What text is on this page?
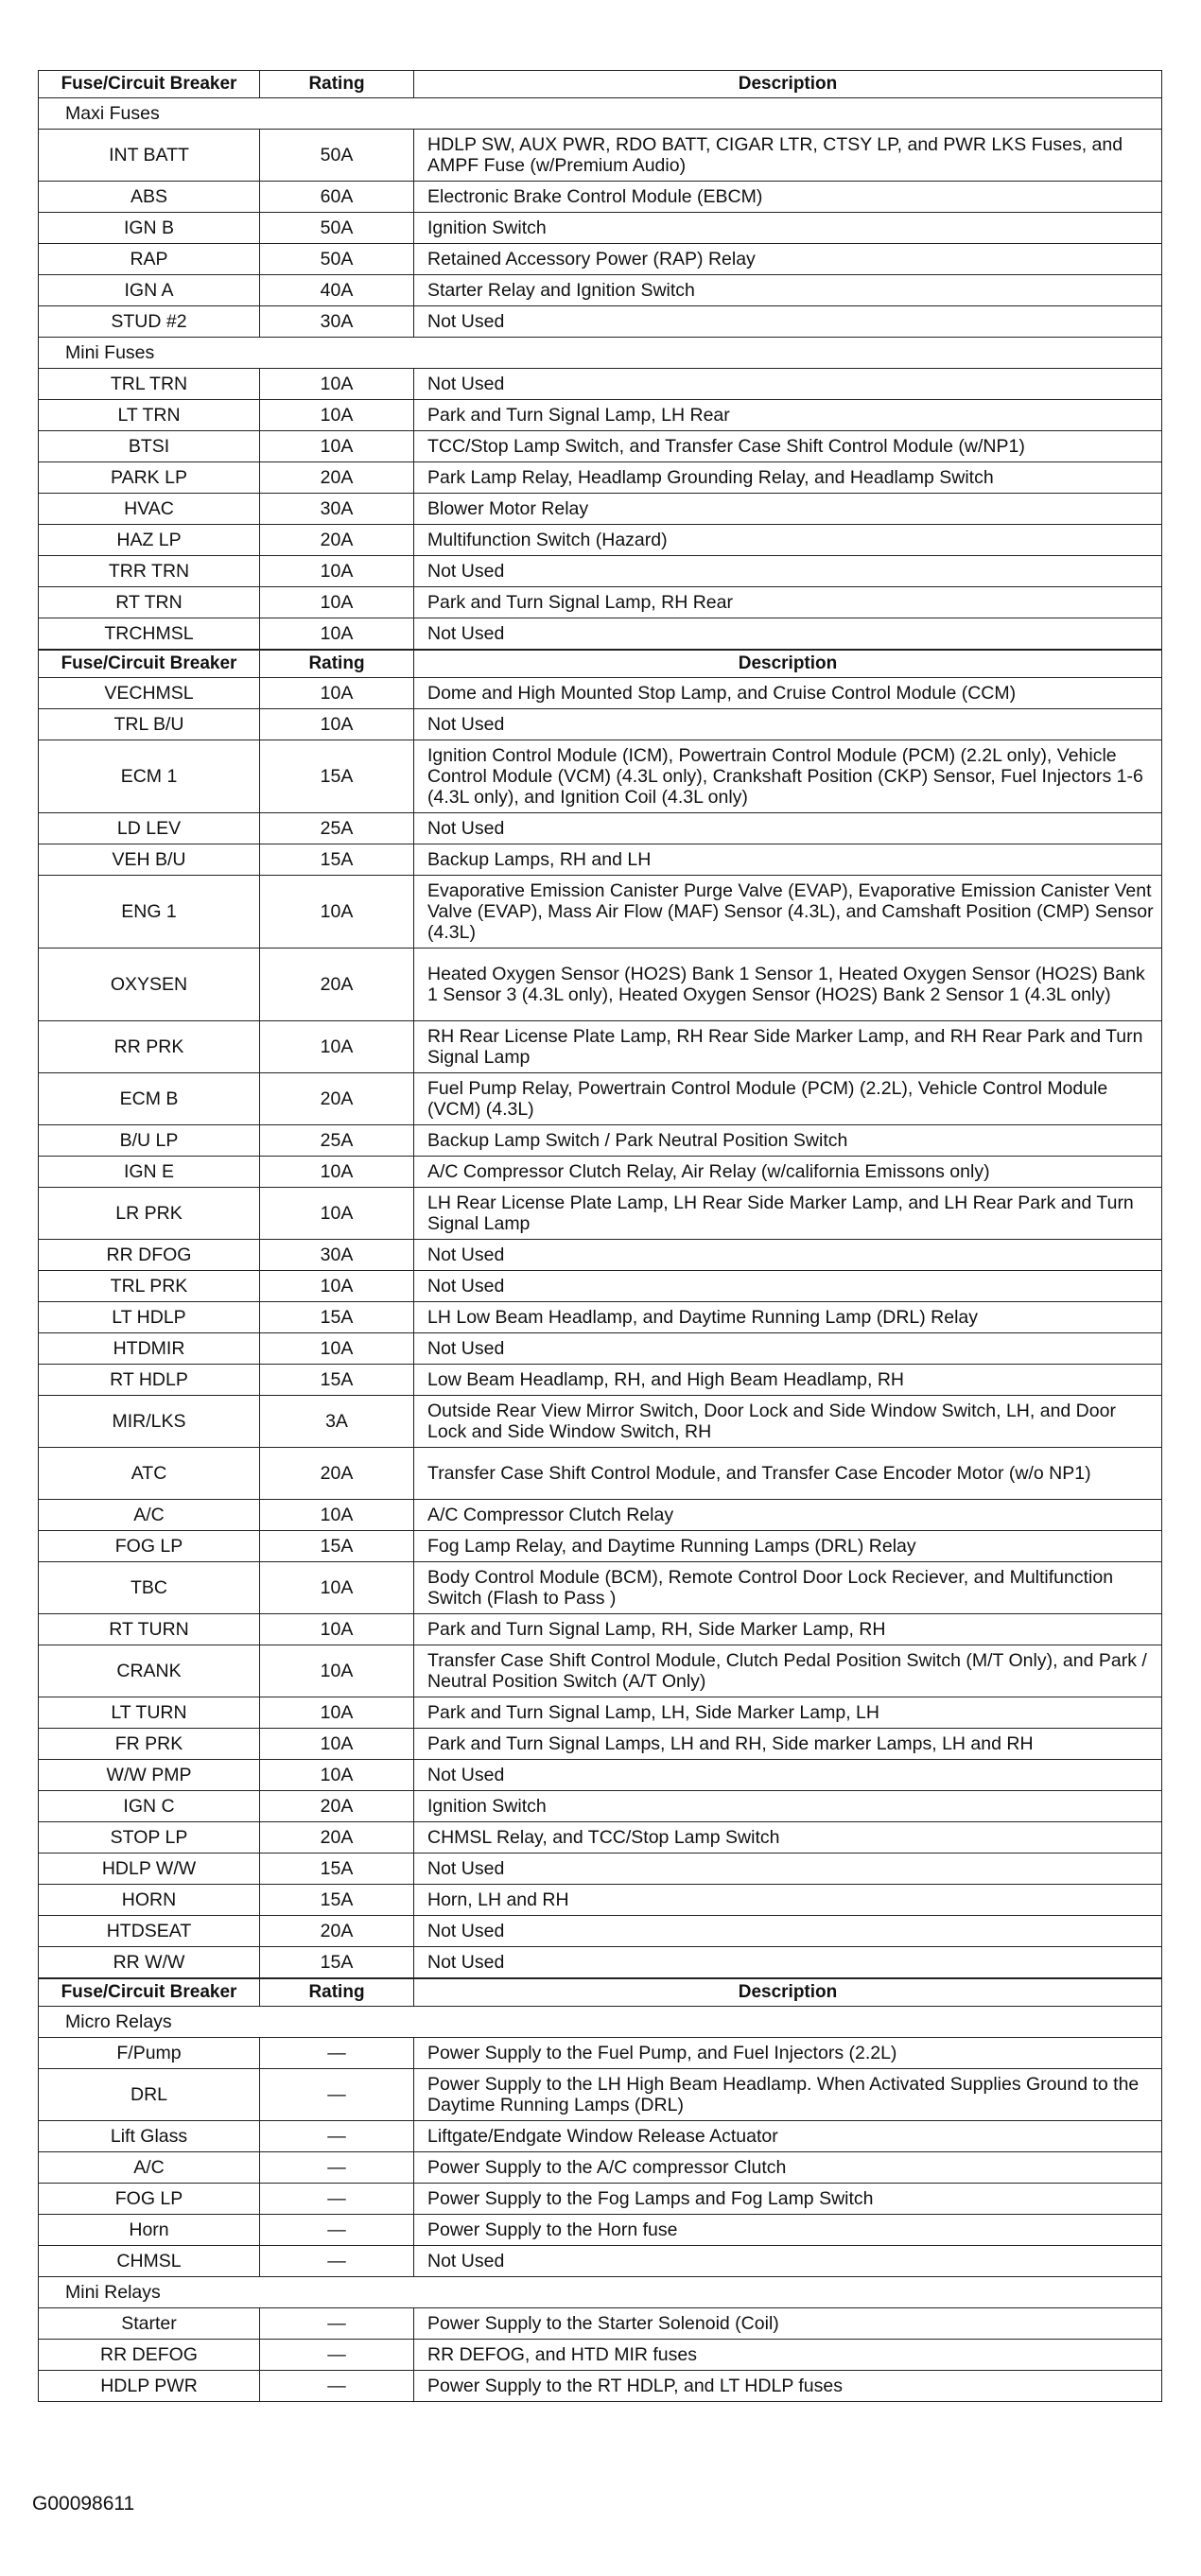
Fuse/Circuit Breaker	Rating	Description
Maxi Fuses		
INT BATT	50A	HDLP SW, AUX PWR, RDO BATT, CIGAR LTR, CTSY LP, and PWR LKS Fuses, and AMPF Fuse (w/Premium Audio)
ABS	60A	Electronic Brake Control Module (EBCM)
IGN B	50A	Ignition Switch
RAP	50A	Retained Accessory Power (RAP) Relay
IGN A	40A	Starter Relay and Ignition Switch
STUD #2	30A	Not Used
Mini Fuses		
TRL TRN	10A	Not Used
LT TRN	10A	Park and Turn Signal Lamp, LH Rear
BTSI	10A	TCC/Stop Lamp Switch, and Transfer Case Shift Control Module (w/NP1)
PARK LP	20A	Park Lamp Relay, Headlamp Grounding Relay, and Headlamp Switch
HVAC	30A	Blower Motor Relay
HAZ LP	20A	Multifunction Switch (Hazard)
TRR TRN	10A	Not Used
RT TRN	10A	Park and Turn Signal Lamp, RH Rear
TRCHMSL	10A	Not Used
Fuse/Circuit Breaker	Rating	Description
VECHMSL	10A	Dome and High Mounted Stop Lamp, and Cruise Control Module (CCM)
TRL B/U	10A	Not Used
ECM 1	15A	Ignition Control Module (ICM), Powertrain Control Module (PCM) (2.2L only), Vehicle Control Module (VCM) (4.3L only), Crankshaft Position (CKP) Sensor, Fuel Injectors 1-6 (4.3L only), and Ignition Coil (4.3L only)
LD LEV	25A	Not Used
VEH B/U	15A	Backup Lamps, RH and LH
ENG 1	10A	Evaporative Emission Canister Purge Valve (EVAP), Evaporative Emission Canister Vent Valve (EVAP), Mass Air Flow (MAF) Sensor (4.3L), and Camshaft Position (CMP) Sensor (4.3L)
OXYSEN	20A	Heated Oxygen Sensor (HO2S) Bank 1 Sensor 1, Heated Oxygen Sensor (HO2S) Bank 1 Sensor 3 (4.3L only), Heated Oxygen Sensor (HO2S) Bank 2 Sensor 1 (4.3L only)
RR PRK	10A	RH Rear License Plate Lamp, RH Rear Side Marker Lamp, and RH Rear Park and Turn Signal Lamp
ECM B	20A	Fuel Pump Relay, Powertrain Control Module (PCM) (2.2L), Vehicle Control Module (VCM) (4.3L)
B/U LP	25A	Backup Lamp Switch / Park Neutral Position Switch
IGN E	10A	A/C Compressor Clutch Relay, Air Relay (w/california Emissons only)
LR PRK	10A	LH Rear License Plate Lamp, LH Rear Side Marker Lamp, and LH Rear Park and Turn Signal Lamp
RR DFOG	30A	Not Used
TRL PRK	10A	Not Used
LT HDLP	15A	LH Low Beam Headlamp, and Daytime Running Lamp (DRL) Relay
HTDMIR	10A	Not Used
RT HDLP	15A	Low Beam Headlamp, RH, and High Beam Headlamp, RH
MIR/LKS	3A	Outside Rear View Mirror Switch, Door Lock and Side Window Switch, LH, and Door Lock and Side Window Switch, RH
ATC	20A	Transfer Case Shift Control Module, and Transfer Case Encoder Motor (w/o NP1)
A/C	10A	A/C Compressor Clutch Relay
FOG LP	15A	Fog Lamp Relay, and Daytime Running Lamps (DRL) Relay
TBC	10A	Body Control Module (BCM), Remote Control Door Lock Reciever, and Multifunction Switch (Flash to Pass )
RT TURN	10A	Park and Turn Signal Lamp, RH, Side Marker Lamp, RH
CRANK	10A	Transfer Case Shift Control Module, Clutch Pedal Position Switch (M/T Only), and Park / Neutral Position Switch (A/T Only)
LT TURN	10A	Park and Turn Signal Lamp, LH, Side Marker Lamp, LH
FR PRK	10A	Park and Turn Signal Lamps, LH and RH, Side marker Lamps, LH and RH
W/W PMP	10A	Not Used
IGN C	20A	Ignition Switch
STOP LP	20A	CHMSL Relay, and TCC/Stop Lamp Switch
HDLP W/W	15A	Not Used
HORN	15A	Horn, LH and RH
HTDSEAT	20A	Not Used
RR W/W	15A	Not Used
Fuse/Circuit Breaker	Rating	Description
Micro Relays		
F/Pump	—	Power Supply to the Fuel Pump, and Fuel Injectors (2.2L)
DRL	—	Power Supply to the LH High Beam Headlamp. When Activated Supplies Ground to the Daytime Running Lamps (DRL)
Lift Glass	—	Liftgate/Endgate Window Release Actuator
A/C	—	Power Supply to the A/C compressor Clutch
FOG LP	—	Power Supply to the Fog Lamps and Fog Lamp Switch
Horn	—	Power Supply to the Horn fuse
CHMSL	—	Not Used
Mini Relays		
Starter	—	Power Supply to the Starter Solenoid (Coil)
RR DEFOG	—	RR DEFOG, and HTD MIR fuses
HDLP PWR	—	Power Supply to the RT HDLP, and LT HDLP fuses
G00098611
